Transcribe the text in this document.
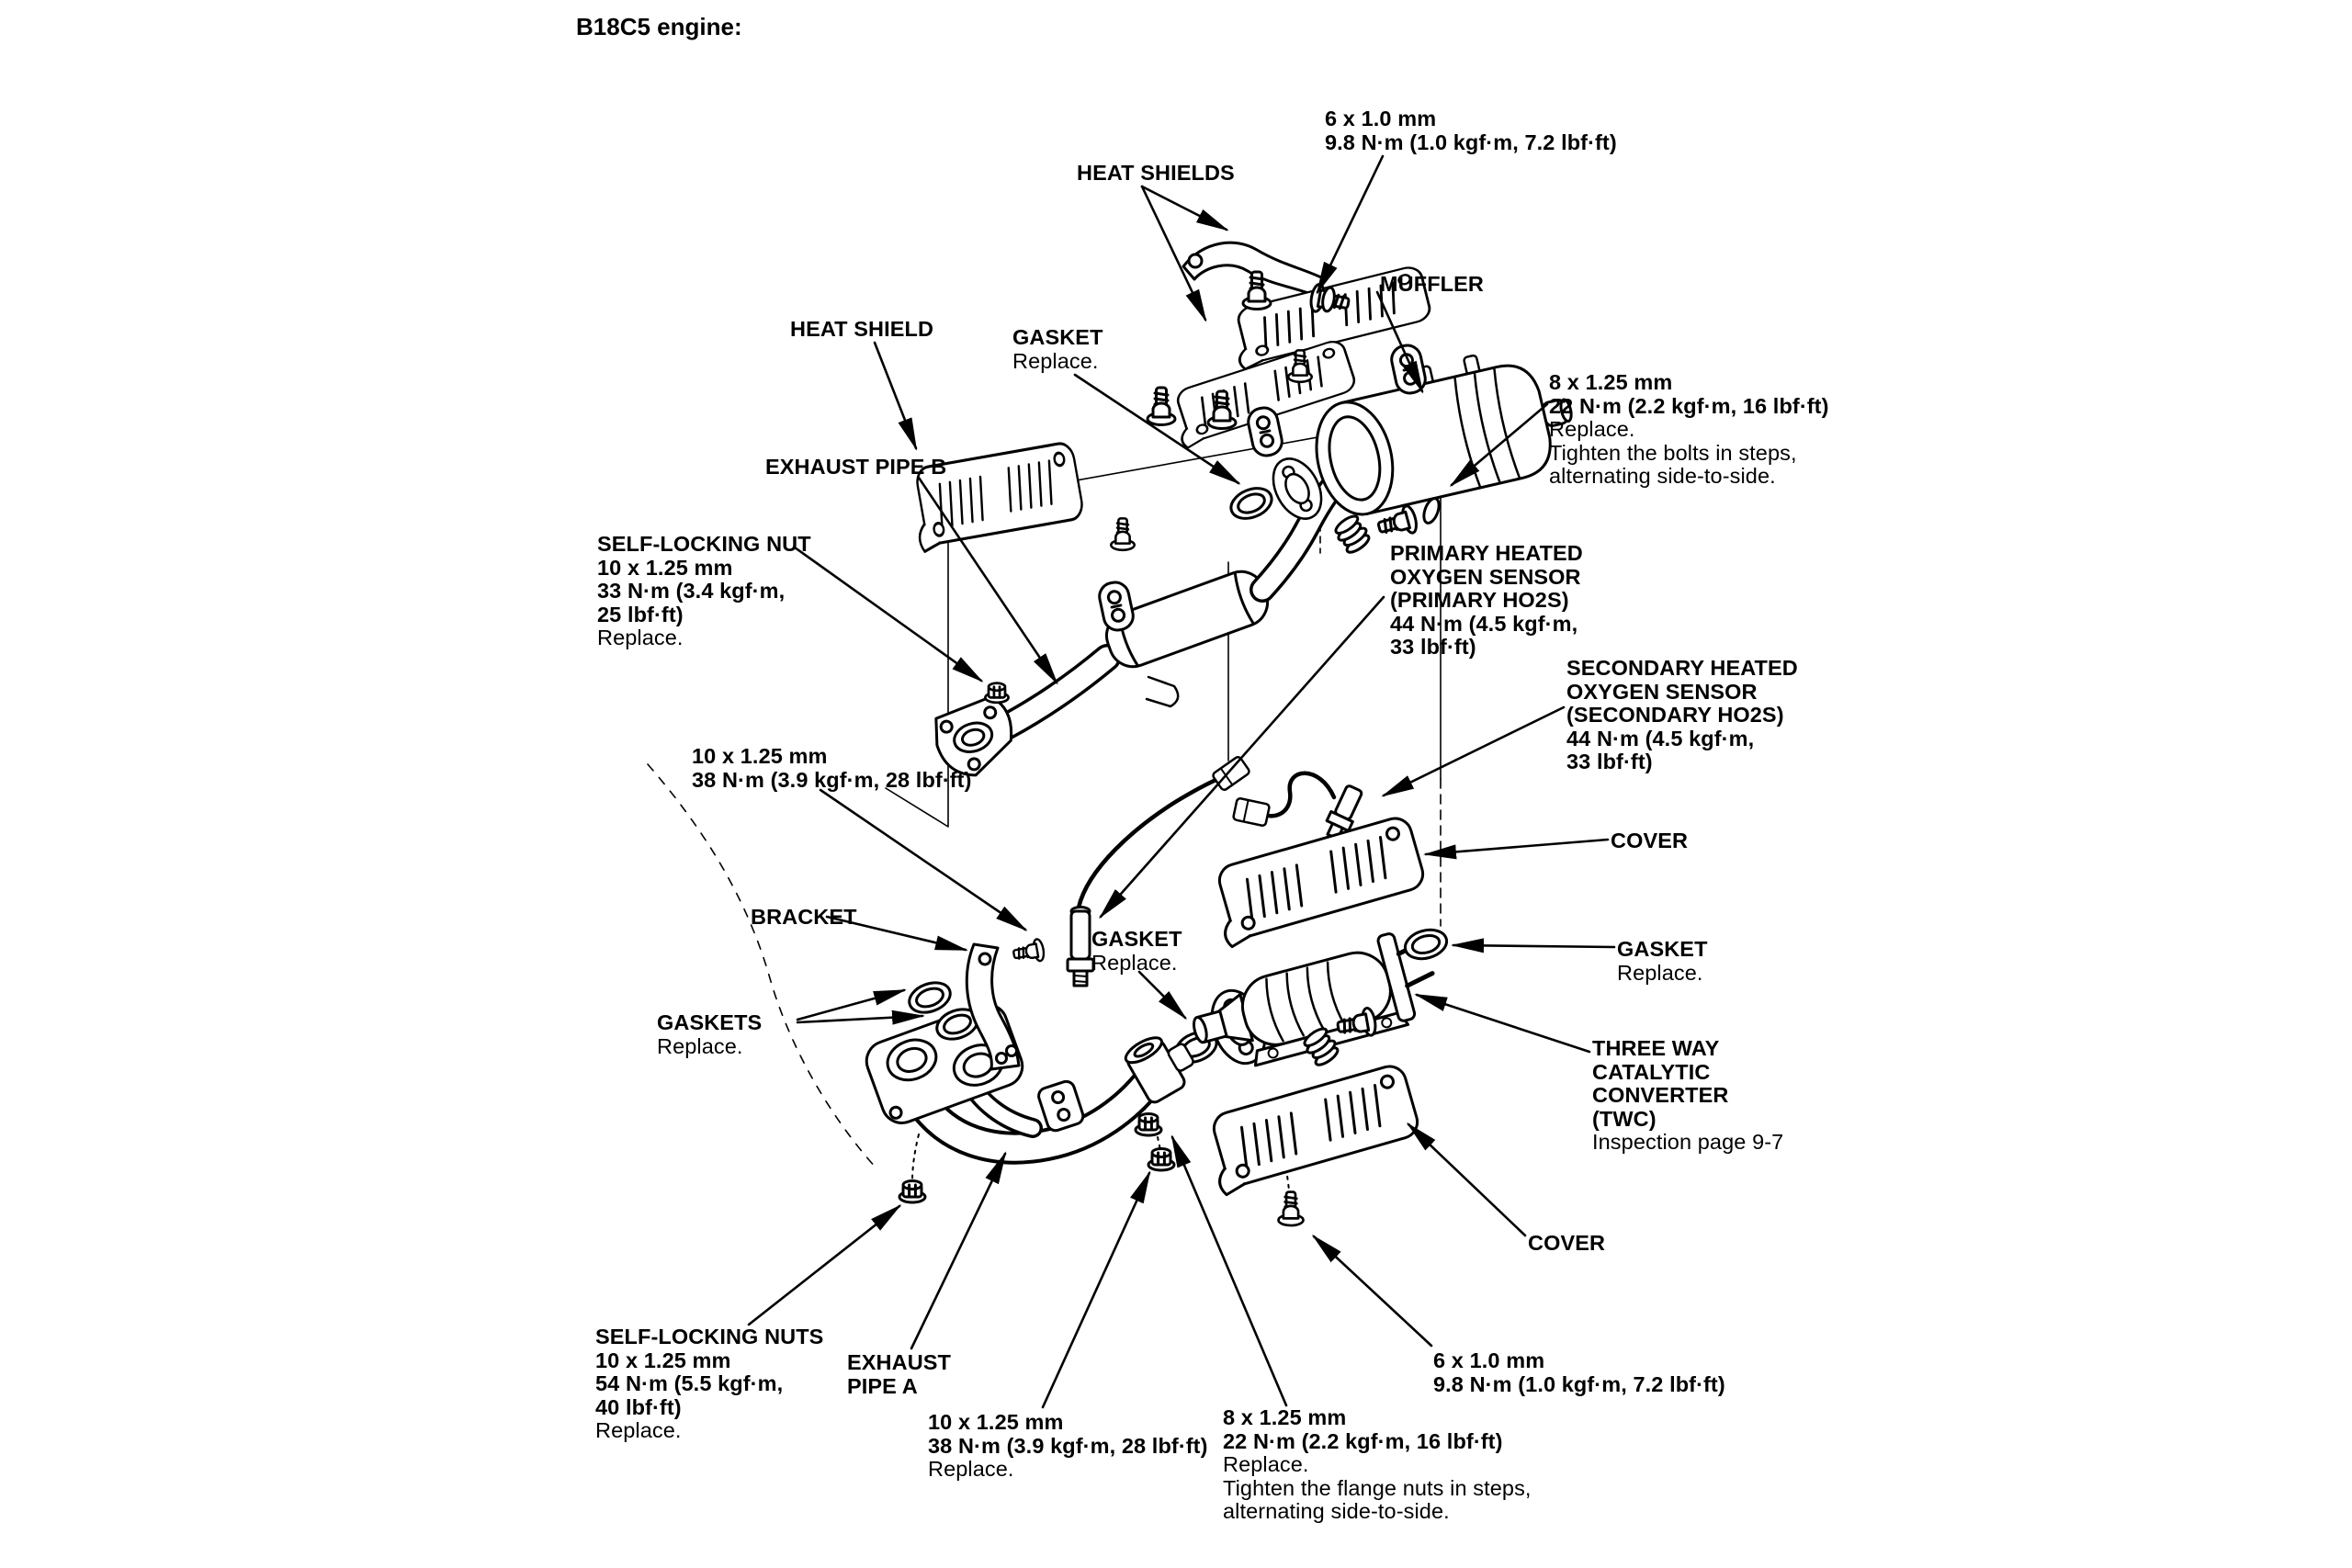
B18C5 engine:
HEAT SHIELDS
6 x 1.0 mm
9.8 N·m (1.0 kgf·m, 7.2 lbf·ft)
MUFFLER
HEAT SHIELD	GASKET
Replace.
8 x 1.25 mm
22 N·m (2.2 kgf·m, 16 lbf·ft)
Replace.
Tighten the bolts in steps,
alternating side-to-side.
EXHAUST PIPE B
SELF-LOCKING NUT
10 x 1.25 mm
33 N·m (3.4 kgf·m,
25 lbf·ft)
Replace.
PRIMARY HEATED
OXYGEN SENSOR
(PRIMARY HO2S)
44 N·m (4.5 kgf·m,
33 lbf·ft)
SECONDARY HEATED
OXYGEN SENSOR
(SECONDARY HO2S)
44 N·m (4.5 kgf·m,
33 lbf·ft)
10 x 1.25 mm
38 N·m (3.9 kgf·m, 28 lbf·ft)
COVER
BRACKET
GASKET
Replace.
GASKET
Replace.
GASKETS
Replace.	THREE WAY
CATALYTIC
CONVERTER
(TWC)
Inspection page 9-7
COVER
SELF-LOCKING NUTS
10 x 1.25 mm
54 N·m (5.5 kgf·m,
40 lbf·ft)
Replace.
EXHAUST
PIPE A
10 x 1.25 mm
38 N·m (3.9 kgf·m, 28 lbf·ft)
Replace.
8 x 1.25 mm
22 N·m (2.2 kgf·m, 16 lbf·ft)
Replace.
Tighten the flange nuts in steps,
alternating side-to-side.
6 x 1.0 mm
9.8 N·m (1.0 kgf·m, 7.2 lbf·ft)
